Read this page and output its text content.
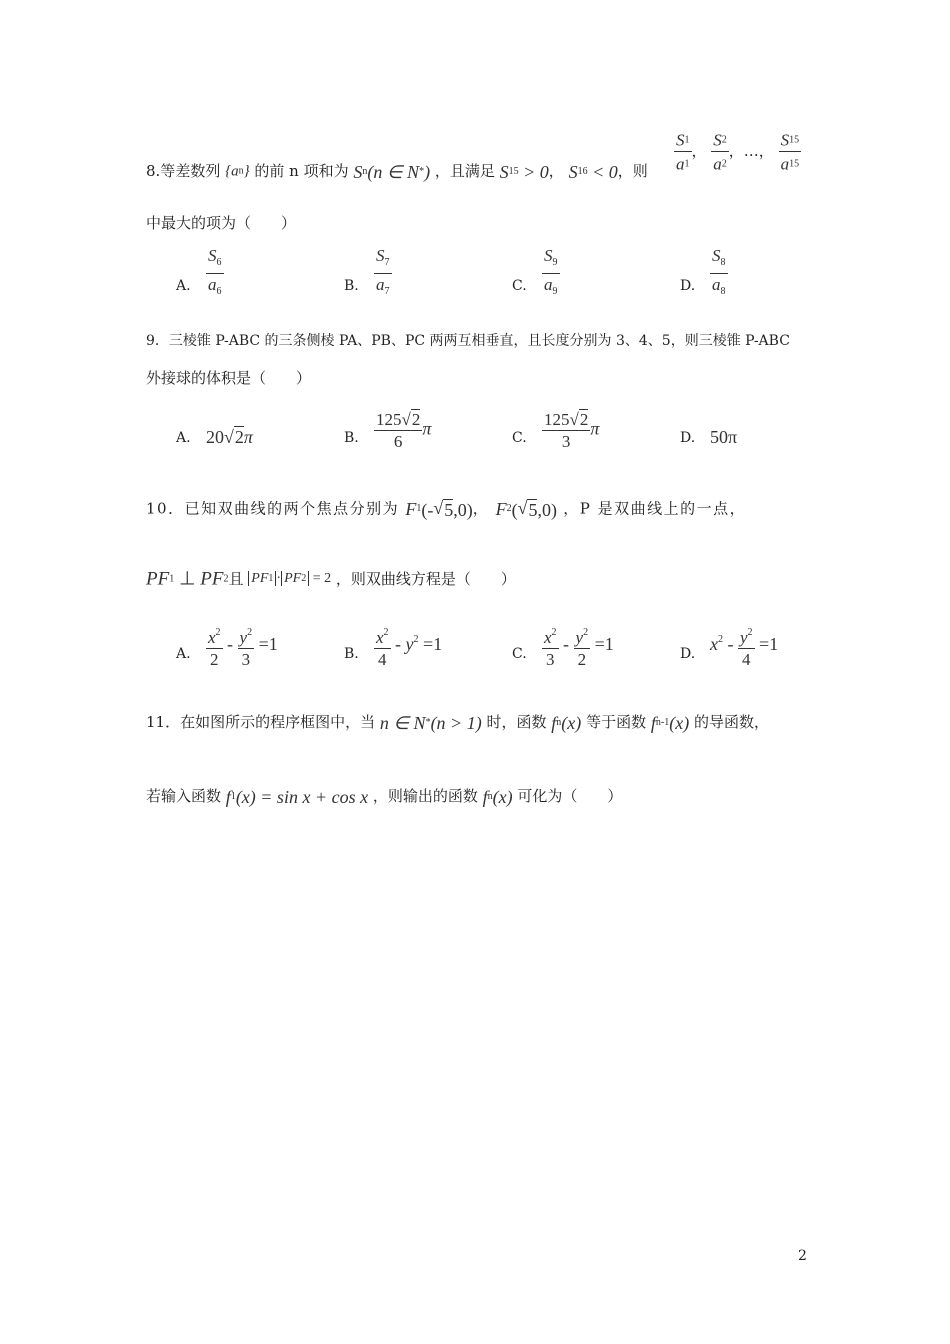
8.等差数列 {an} 的前 n 项和为 Sn(n ∈ N*) ，且满足 S15 > 0， S16 < 0，则 $\frac{S1}{a1}$ ， $\frac{S2}{a2}$ ，…， $\frac{S15}{a15}$
中最大的项为（　　）
A. $\frac{S_6}{a_6}$	B. $\frac{S_7}{a_7}$	C. $\frac{S_9}{a_9}$	D. $\frac{S_8}{a_8}$
9．三棱锥 P-ABC 的三条侧棱 PA、PB、PC 两两互相垂直，且长度分别为 3、4、5，则三棱锥 P-ABC
外接球的体积是（　　）
A. 20√2π	B. $\frac{125√2}{6}$ π	C. $\frac{125√2}{3}$ π	D. 50π
10．已知双曲线的两个焦点分别为 F1(-√5,0)， F2(√5,0) ，P 是双曲线上的一点，
PF1 ⊥ PF2且 PF1 · PF2 = 2 ，则双曲线方程是（　　）
A. $\frac{x^2}{2} - \frac{y^2}{3} =1$	B. $\frac{x^2}{4} - y^2 =1$	C. $\frac{x^2}{3} - \frac{y^2}{2} =1$	D. $x^2 - \frac{y^2}{4} =1$
11．在如图所示的程序框图中，当 n ∈ N*(n > 1) 时，函数 fn(x) 等于函数 fn-1(x) 的导函数，
若输入函数 f1(x) = sin x + cos x ，则输出的函数 fn(x) 可化为（　　）
2
